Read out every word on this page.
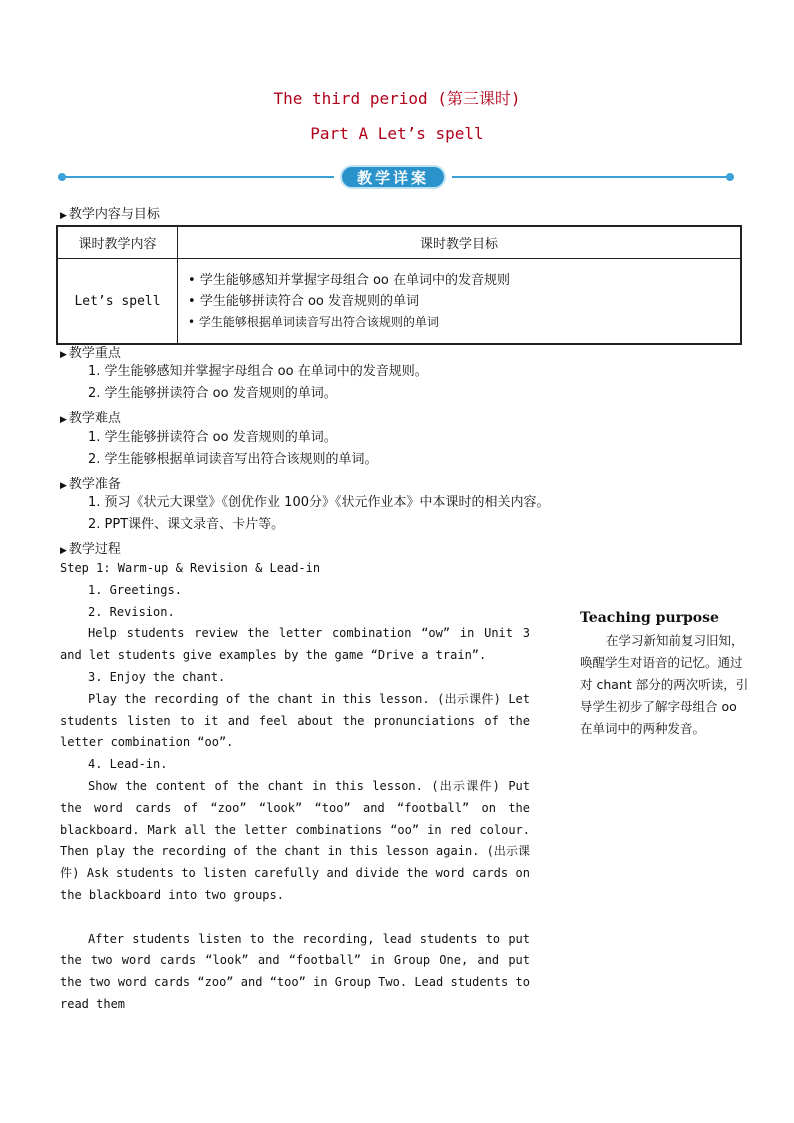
The third period (第三课时)
Part A Let’s spell
教学详案
▶ 教学内容与目标
课时教学内容	课时教学目标
Let’s spell	• 学生能够感知并掌握字母组合 oo 在单词中的发音规则
• 学生能够拼读符合 oo 发音规则的单词
• 学生能够根据单词读音写出符合该规则的单词
▶ 教学重点
1. 学生能够感知并掌握字母组合 oo 在单词中的发音规则。
2. 学生能够拼读符合 oo 发音规则的单词。
▶ 教学难点
1. 学生能够拼读符合 oo 发音规则的单词。
2. 学生能够根据单词读音写出符合该规则的单词。
▶ 教学准备
1. 预习《状元大课堂》《创优作业 100分》《状元作业本》中本课时的相关内容。
2. PPT课件、课文录音、卡片等。
▶ 教学过程

Step 1: Warm-up & Revision & Lead-in

1. Greetings.

2. Revision.

Help students review the letter combination “ow” in Unit 3 and let students give examples by the game “Drive a train”.

3. Enjoy the chant.

Play the recording of the chant in this lesson. (出示课件) Let students listen to it and feel about the pronunciations of the letter combination “oo”.

4. Lead-in.

Show the content of the chant in this lesson. (出示课件) Put the word cards of “zoo” “look” “too” and “football” on the blackboard. Mark all the letter combinations “oo” in red colour. Then play the recording of the chant in this lesson again. (出示课件) Ask students to listen carefully and divide the word cards on the blackboard into two groups.

After students listen to the recording, lead students to put the two word cards “look” and “football” in Group One, and put the two word cards “zoo” and “too” in Group Two. Lead students to read them

Teaching purpose
在学习新知前复习旧知，唤醒学生对语音的记忆。通过对 chant 部分的两次听读，引导学生初步了解字母组合 oo 在单词中的两种发音。
